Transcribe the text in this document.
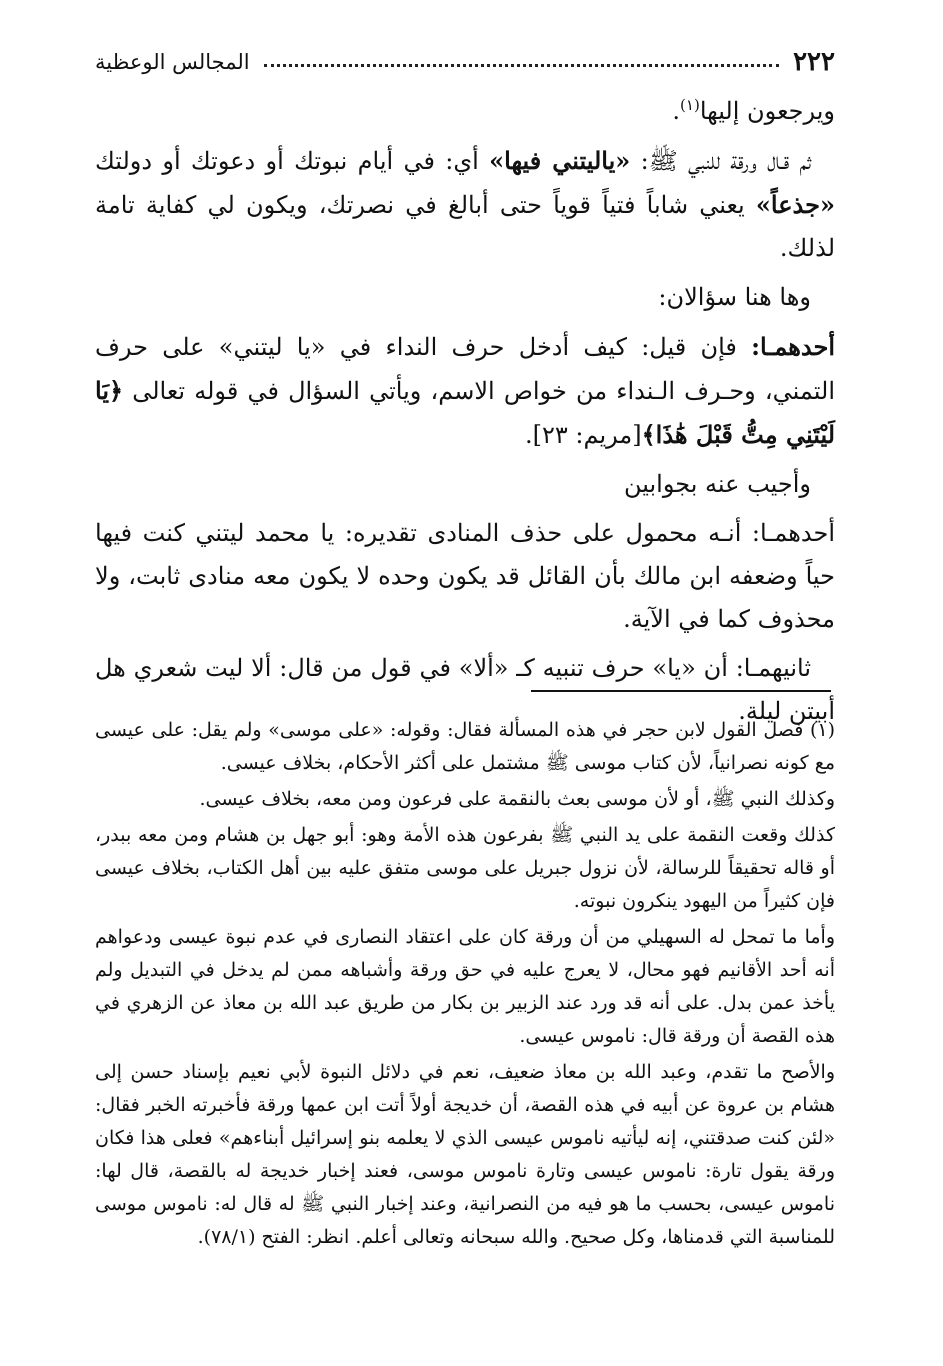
٢٢٢
المجالس الوعظية

ويرجعون إليها$^{(١)}$.

ثم قـال ورقة للنبي ﷺ: «ياليتني فيها» أي: في أيام نبوتك أو دعوتك أو دولتك «جذعاً» يعني شاباً فتياً قوياً حتى أبالغ في نصرتك، ويكون لي كفاية تامة لذلك.

وها هنا سؤالان:

أحدهمـا: فإن قيل: كيف أدخل حرف النداء في «يا ليتني» على حرف التمني، وحـرف الـنداء من خواص الاسم، ويأتي السؤال في قوله تعالى ﴿يَا لَيْتَنِي مِتُّ قَبْلَ هَٰذَا﴾[مريم: ٢٣].

وأجيب عنه بجوابين

أحدهمـا: أنـه محمول على حذف المنادى تقديره: يا محمد ليتني كنت فيها حياً وضعفه ابن مالك بأن القائل قد يكون وحده لا يكون معه منادى ثابت، ولا محذوف كما في الآية.

ثانيهمـا: أن «يا» حرف تنبيه كـ «ألا» في قول من قال: ألا ليت شعري هل أبيتن ليلة.

(١) فصل القول لابن حجر في هذه المسألة فقال: وقوله: «على موسى» ولم يقل: على عيسى مع كونه نصرانياً، لأن كتاب موسى ﷺ مشتمل على أكثر الأحكام، بخلاف عيسى.

وكذلك النبي ﷺ، أو لأن موسى بعث بالنقمة على فرعون ومن معه، بخلاف عيسى.

كذلك وقعت النقمة على يد النبي ﷺ بفرعون هذه الأمة وهو: أبو جهل بن هشام ومن معه ببدر، أو قاله تحقيقاً للرسالة، لأن نزول جبريل على موسى متفق عليه بين أهل الكتاب، بخلاف عيسى فإن كثيراً من اليهود ينكرون نبوته.

وأما ما تمحل له السهيلي من أن ورقة كان على اعتقاد النصارى في عدم نبوة عيسى ودعواهم أنه أحد الأقانيم فهو محال، لا يعرج عليه في حق ورقة وأشباهه ممن لم يدخل في التبديل ولم يأخذ عمن بدل. على أنه قد ورد عند الزبير بن بكار من طريق عبد الله بن معاذ عن الزهري في هذه القصة أن ورقة قال: ناموس عيسى.

والأصح ما تقدم، وعبد الله بن معاذ ضعيف، نعم في دلائل النبوة لأبي نعيم بإسناد حسن إلى هشام بن عروة عن أبيه في هذه القصة، أن خديجة أولاً أتت ابن عمها ورقة فأخبرته الخبر فقال: «لئن كنت صدقتني، إنه ليأتيه ناموس عيسى الذي لا يعلمه بنو إسرائيل أبناءهم» فعلى هذا فكان ورقة يقول تارة: ناموس عيسى وتارة ناموس موسى، فعند إخبار خديجة له بالقصة، قال لها: ناموس عيسى، بحسب ما هو فيه من النصرانية، وعند إخبار النبي ﷺ له قال له: ناموس موسى للمناسبة التي قدمناها، وكل صحيح. والله سبحانه وتعالى أعلم. انظر: الفتح (٧٨/١).
